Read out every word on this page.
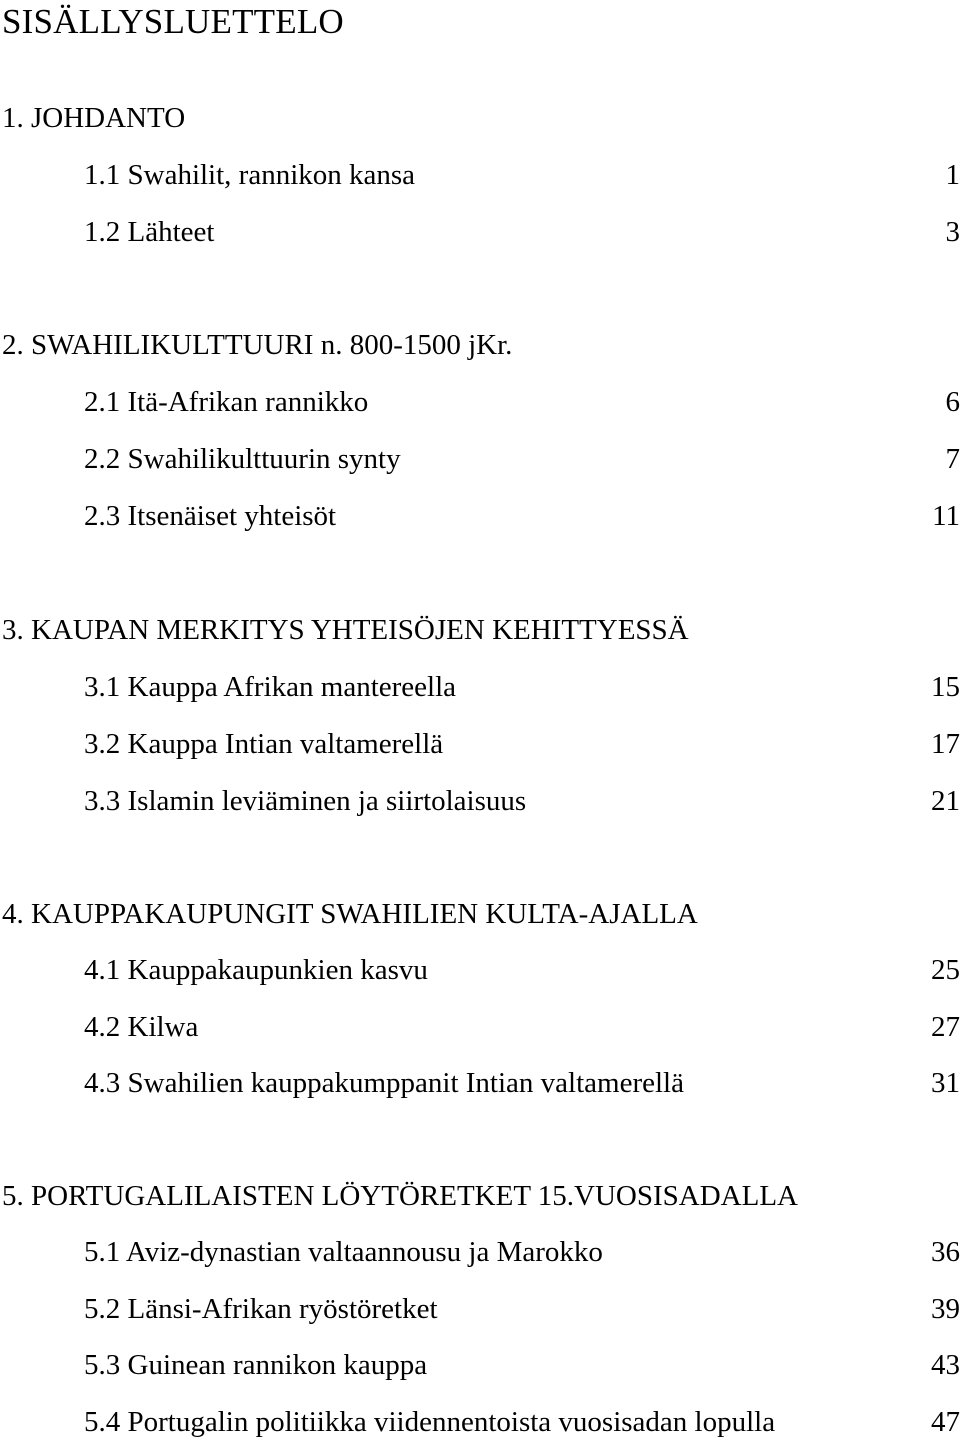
SISÄLLYSLUETTELO
1. JOHDANTO
1.1 Swahilit, rannikon kansa	1
1.2 Lähteet	3
2. SWAHILIKULTTUURI n. 800-1500 jKr.
2.1 Itä-Afrikan rannikko	6
2.2 Swahilikulttuurin synty	7
2.3 Itsenäiset yhteisöt	11
3. KAUPAN MERKITYS YHTEISÖJEN KEHITTYESSÄ
3.1 Kauppa Afrikan mantereella	15
3.2 Kauppa Intian valtamerellä	17
3.3 Islamin leviäminen ja siirtolaisuus	21
4. KAUPPAKAUPUNGIT SWAHILIEN KULTA-AJALLA
4.1 Kauppakaupunkien kasvu	25
4.2 Kilwa	27
4.3 Swahilien kauppakumppanit Intian valtamerellä	31
5. PORTUGALILAISTEN LÖYTÖRETKET 15.VUOSISADALLA
5.1 Aviz-dynastian valtaannousu ja Marokko	36
5.2 Länsi-Afrikan ryöstöretket	39
5.3 Guinean rannikon kauppa	43
5.4 Portugalin politiikka viidennentoista vuosisadan lopulla	47
